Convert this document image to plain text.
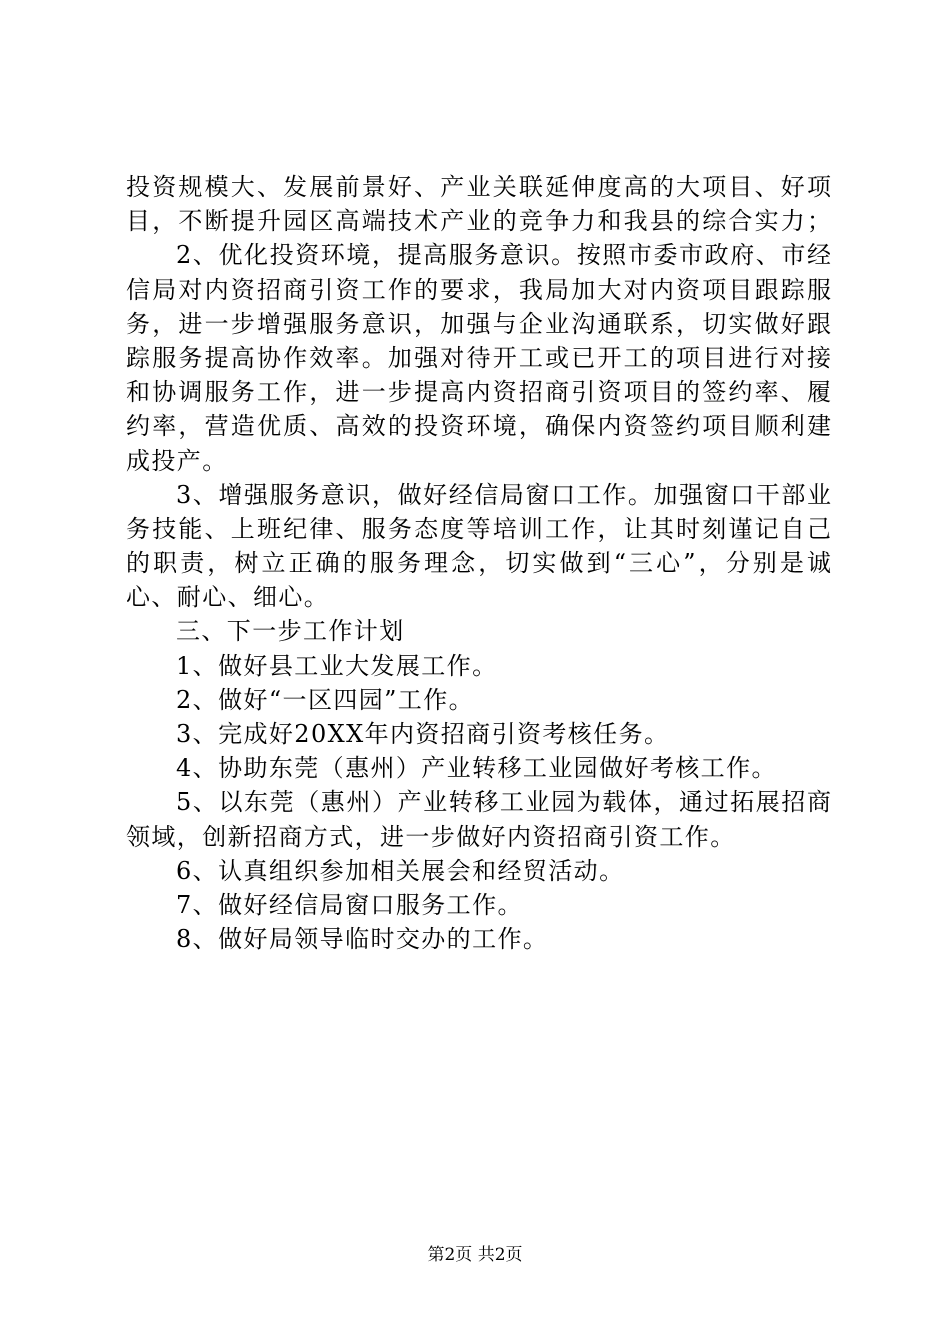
投资规模大、发展前景好、产业关联延伸度高的大项目、好项
目，不断提升园区高端技术产业的竞争力和我县的综合实力；
2、优化投资环境，提高服务意识。按照市委市政府、市经
信局对内资招商引资工作的要求，我局加大对内资项目跟踪服
务，进一步增强服务意识，加强与企业沟通联系，切实做好跟
踪服务提高协作效率。加强对待开工或已开工的项目进行对接
和协调服务工作，进一步提高内资招商引资项目的签约率、履
约率，营造优质、高效的投资环境，确保内资签约项目顺利建
成投产。
3、增强服务意识，做好经信局窗口工作。加强窗口干部业
务技能、上班纪律、服务态度等培训工作，让其时刻谨记自己
的职责，树立正确的服务理念，切实做到“三心”，分别是诚
心、耐心、细心。
三、下一步工作计划
1、做好县工业大发展工作。
2、做好“一区四园”工作。
3、完成好20XX年内资招商引资考核任务。
4、协助东莞（惠州）产业转移工业园做好考核工作。
5、以东莞（惠州）产业转移工业园为载体，通过拓展招商
领域，创新招商方式，进一步做好内资招商引资工作。
6、认真组织参加相关展会和经贸活动。
7、做好经信局窗口服务工作。
8、做好局领导临时交办的工作。
第2页 共2页
